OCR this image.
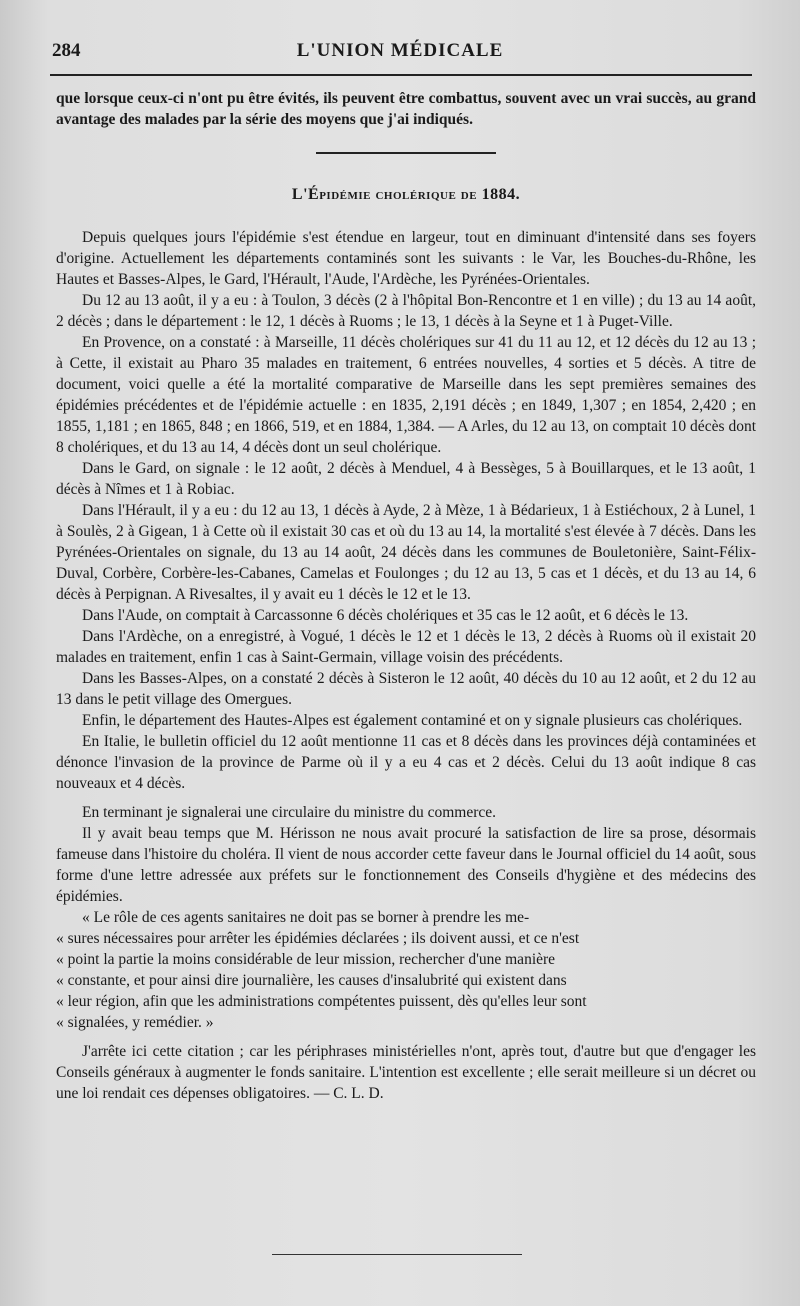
284	L'UNION MÉDICALE

que lorsque ceux-ci n'ont pu être évités, ils peuvent être combattus, souvent avec un vrai succès, au grand avantage des malades par la série des moyens que j'ai indiqués.

L'Épidémie cholérique de 1884.

Depuis quelques jours l'épidémie s'est étendue en largeur, tout en diminuant d'intensité dans ses foyers d'origine. Actuellement les départements contaminés sont les suivants : le Var, les Bouches-du-Rhône, les Hautes et Basses-Alpes, le Gard, l'Hérault, l'Aude, l'Ardèche, les Pyrénées-Orientales.

Du 12 au 13 août, il y a eu : à Toulon, 3 décès (2 à l'hôpital Bon-Rencontre et 1 en ville) ; du 13 au 14 août, 2 décès ; dans le département : le 12, 1 décès à Ruoms ; le 13, 1 décès à la Seyne et 1 à Puget-Ville.

En Provence, on a constaté : à Marseille, 11 décès cholériques sur 41 du 11 au 12, et 12 décès du 12 au 13 ; à Cette, il existait au Pharo 35 malades en traitement, 6 entrées nouvelles, 4 sorties et 5 décès. A titre de document, voici quelle a été la mortalité comparative de Marseille dans les sept premières semaines des épidémies précédentes et de l'épidémie actuelle : en 1835, 2,191 décès ; en 1849, 1,307 ; en 1854, 2,420 ; en 1855, 1,181 ; en 1865, 848 ; en 1866, 519, et en 1884, 1,384. — A Arles, du 12 au 13, on comptait 10 décès dont 8 cholériques, et du 13 au 14, 4 décès dont un seul cholérique.

Dans le Gard, on signale : le 12 août, 2 décès à Menduel, 4 à Bessèges, 5 à Bouillarques, et le 13 août, 1 décès à Nîmes et 1 à Robiac.

Dans l'Hérault, il y a eu : du 12 au 13, 1 décès à Ayde, 2 à Mèze, 1 à Bédarieux, 1 à Estiéchoux, 2 à Lunel, 1 à Soulès, 2 à Gigean, 1 à Cette où il existait 30 cas et où du 13 au 14, la mortalité s'est élevée à 7 décès. Dans les Pyrénées-Orientales on signale, du 13 au 14 août, 24 décès dans les communes de Bouletonière, Saint-Félix-Duval, Corbère, Corbère-les-Cabanes, Camelas et Foulonges ; du 12 au 13, 5 cas et 1 décès, et du 13 au 14, 6 décès à Perpignan. A Rivesaltes, il y avait eu 1 décès le 12 et le 13.

Dans l'Aude, on comptait à Carcassonne 6 décès cholériques et 35 cas le 12 août, et 6 décès le 13.

Dans l'Ardèche, on a enregistré, à Vogué, 1 décès le 12 et 1 décès le 13, 2 décès à Ruoms où il existait 20 malades en traitement, enfin 1 cas à Saint-Germain, village voisin des précédents.

Dans les Basses-Alpes, on a constaté 2 décès à Sisteron le 12 août, 40 décès du 10 au 12 août, et 2 du 12 au 13 dans le petit village des Omergues.

Enfin, le département des Hautes-Alpes est également contaminé et on y signale plusieurs cas cholériques.

En Italie, le bulletin officiel du 12 août mentionne 11 cas et 8 décès dans les provinces déjà contaminées et dénonce l'invasion de la province de Parme où il y a eu 4 cas et 2 décès. Celui du 13 août indique 8 cas nouveaux et 4 décès.

En terminant je signalerai une circulaire du ministre du commerce.

Il y avait beau temps que M. Hérisson ne nous avait procuré la satisfaction de lire sa prose, désormais fameuse dans l'histoire du choléra. Il vient de nous accorder cette faveur dans le Journal officiel du 14 août, sous forme d'une lettre adressée aux préfets sur le fonctionnement des Conseils d'hygiène et des médecins des épidémies.

« Le rôle de ces agents sanitaires ne doit pas se borner à prendre les me-

« sures nécessaires pour arrêter les épidémies déclarées ; ils doivent aussi, et ce n'est

« point la partie la moins considérable de leur mission, rechercher d'une manière

« constante, et pour ainsi dire journalière, les causes d'insalubrité qui existent dans

« leur région, afin que les administrations compétentes puissent, dès qu'elles leur sont

« signalées, y remédier. »

J'arrête ici cette citation ; car les périphrases ministérielles n'ont, après tout, d'autre but que d'engager les Conseils généraux à augmenter le fonds sanitaire. L'intention est excellente ; elle serait meilleure si un décret ou une loi rendait ces dépenses obligatoires. — C. L. D.
